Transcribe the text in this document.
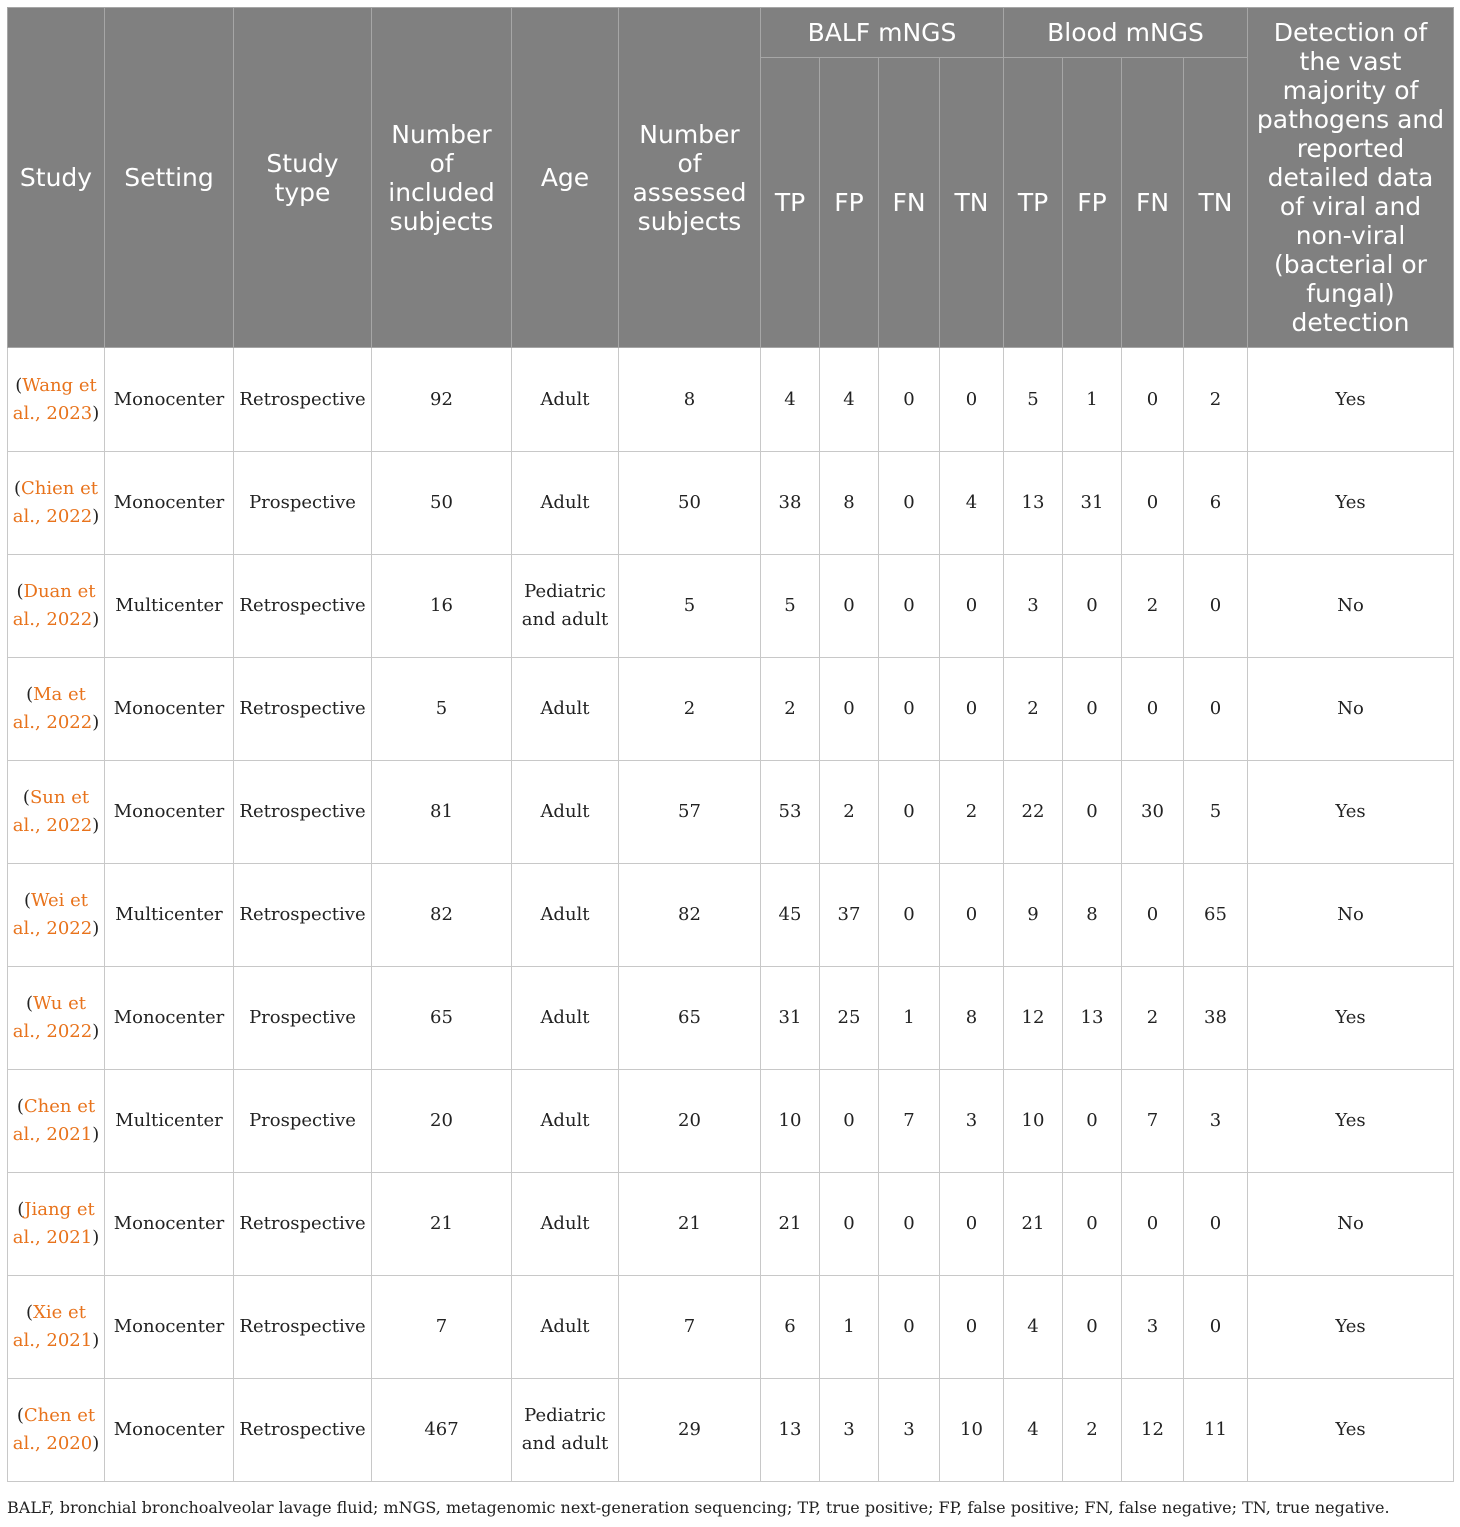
Study	Setting	Study type	Number of included subjects	Age	Number of assessed subjects	BALF mNGS				Blood mNGS				Detection of the vast majority of pathogens and reported detailed data of viral and non-viral (bacterial or fungal) detection
						TP	FP	FN	TN	TP	FP	FN	TN	
(Wang et al., 2023)	Monocenter	Retrospective	92	Adult	8	4	4	0	0	5	1	0	2	Yes
(Chien et al., 2022)	Monocenter	Prospective	50	Adult	50	38	8	0	4	13	31	0	6	Yes
(Duan et al., 2022)	Multicenter	Retrospective	16	Pediatric and adult	5	5	0	0	0	3	0	2	0	No
(Ma et al., 2022)	Monocenter	Retrospective	5	Adult	2	2	0	0	0	2	0	0	0	No
(Sun et al., 2022)	Monocenter	Retrospective	81	Adult	57	53	2	0	2	22	0	30	5	Yes
(Wei et al., 2022)	Multicenter	Retrospective	82	Adult	82	45	37	0	0	9	8	0	65	No
(Wu et al., 2022)	Monocenter	Prospective	65	Adult	65	31	25	1	8	12	13	2	38	Yes
(Chen et al., 2021)	Multicenter	Prospective	20	Adult	20	10	0	7	3	10	0	7	3	Yes
(Jiang et al., 2021)	Monocenter	Retrospective	21	Adult	21	21	0	0	0	21	0	0	0	No
(Xie et al., 2021)	Monocenter	Retrospective	7	Adult	7	6	1	0	0	4	0	3	0	Yes
(Chen et al., 2020)	Monocenter	Retrospective	467	Pediatric and adult	29	13	3	3	10	4	2	12	11	Yes
BALF, bronchial bronchoalveolar lavage fluid; mNGS, metagenomic next-generation sequencing; TP, true positive; FP, false positive; FN, false negative; TN, true negative.
